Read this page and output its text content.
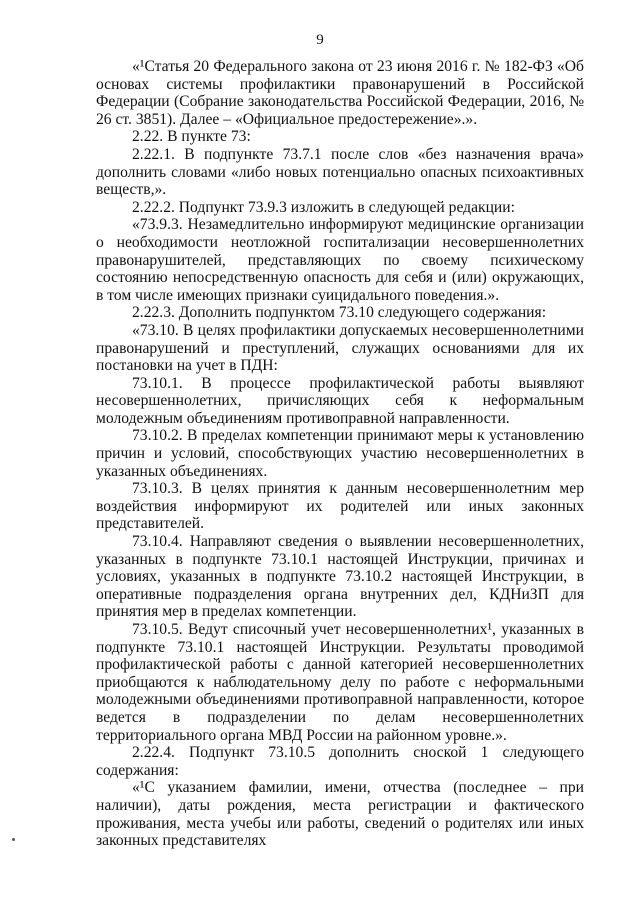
9

«¹Статья 20 Федерального закона от 23 июня 2016 г. № 182-ФЗ «Об основах системы профилактики правонарушений в Российской Федерации (Собрание законодательства Российской Федерации, 2016, № 26 ст. 3851). Далее – «Официальное предостережение».».

2.22. В пункте 73:

2.22.1. В подпункте 73.7.1 после слов «без назначения врача» дополнить словами «либо новых потенциально опасных психоактивных веществ,».

2.22.2. Подпункт 73.9.3 изложить в следующей редакции:

«73.9.3. Незамедлительно информируют медицинские организации о необходимости неотложной госпитализации несовершеннолетних правонарушителей, представляющих по своему психическому состоянию непосредственную опасность для себя и (или) окружающих, в том числе имеющих признаки суицидального поведения.».

2.22.3. Дополнить подпунктом 73.10 следующего содержания:

«73.10. В целях профилактики допускаемых несовершеннолетними правонарушений и преступлений, служащих основаниями для их постановки на учет в ПДН:

73.10.1. В процессе профилактической работы выявляют несовершеннолетних, причисляющих себя к неформальным молодежным объединениям противоправной направленности.

73.10.2. В пределах компетенции принимают меры к установлению причин и условий, способствующих участию несовершеннолетних в указанных объединениях.

73.10.3. В целях принятия к данным несовершеннолетним мер воздействия информируют их родителей или иных законных представителей.

73.10.4. Направляют сведения о выявлении несовершеннолетних, указанных в подпункте 73.10.1 настоящей Инструкции, причинах и условиях, указанных в подпункте 73.10.2 настоящей Инструкции, в оперативные подразделения органа внутренних дел, КДНиЗП для принятия мер в пределах компетенции.

73.10.5. Ведут списочный учет несовершеннолетних¹, указанных в подпункте 73.10.1 настоящей Инструкции. Результаты проводимой профилактической работы с данной категорией несовершеннолетних приобщаются к наблюдательному делу по работе с неформальными молодежными объединениями противоправной направленности, которое ведется в подразделении по делам несовершеннолетних территориального органа МВД России на районном уровне.».

2.22.4. Подпункт 73.10.5 дополнить сноской 1 следующего содержания:

«¹С указанием фамилии, имени, отчества (последнее – при наличии), даты рождения, места регистрации и фактического проживания, места учебы или работы, сведений о родителях или иных законных представителях
